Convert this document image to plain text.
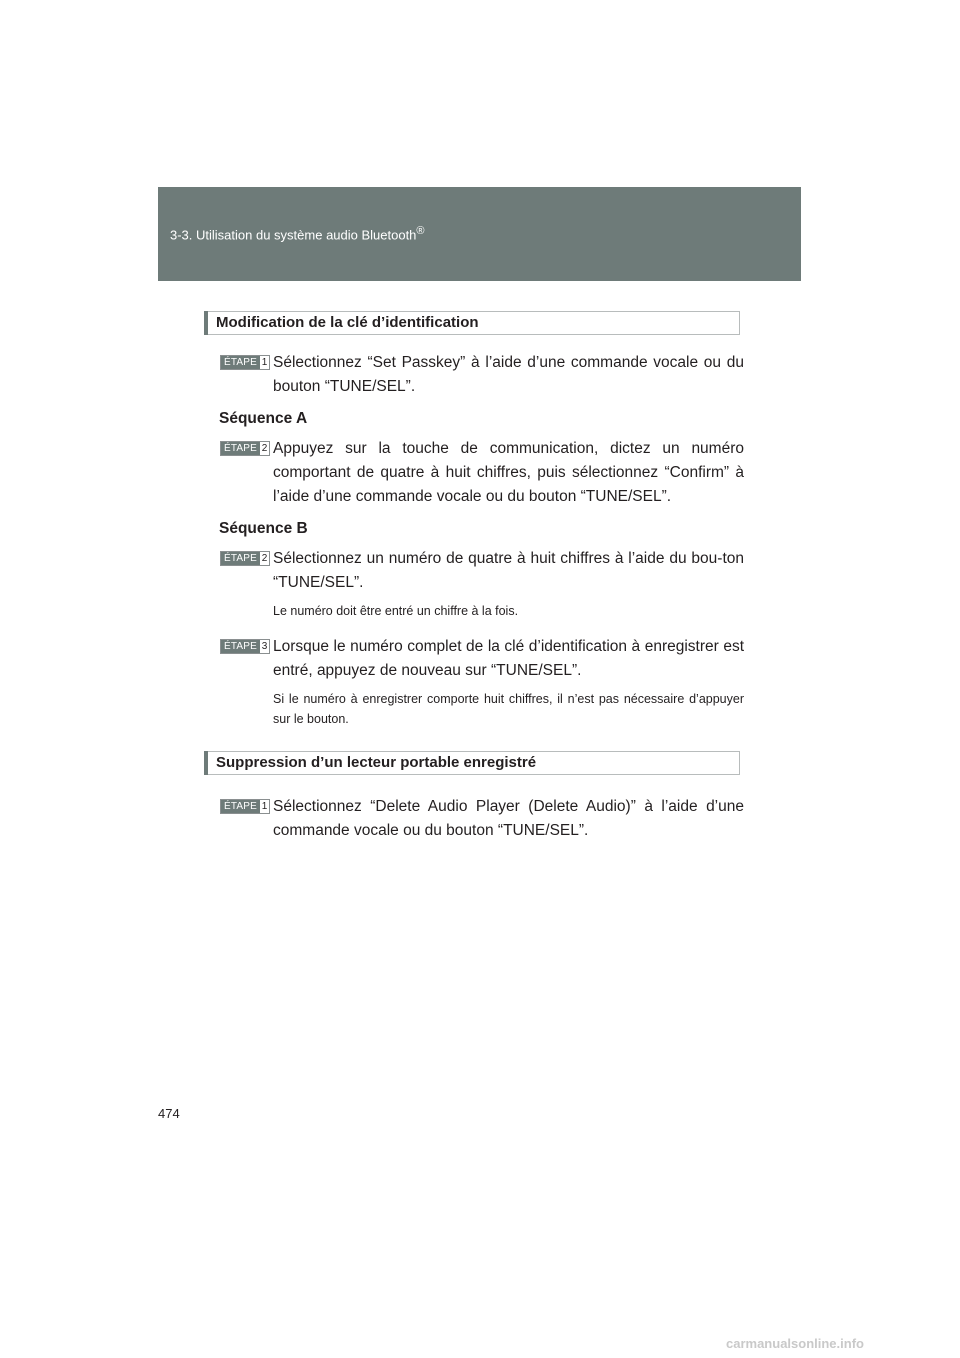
3-3. Utilisation du système audio Bluetooth®
Modification de la clé d’identification
ÉTAPE 1 Sélectionnez “Set Passkey” à l’aide d’une commande vocale ou du bouton “TUNE/SEL”.
Séquence A
ÉTAPE 2 Appuyez sur la touche de communication, dictez un numéro comportant de quatre à huit chiffres, puis sélectionnez “Confirm” à l’aide d’une commande vocale ou du bouton “TUNE/SEL”.
Séquence B
ÉTAPE 2 Sélectionnez un numéro de quatre à huit chiffres à l’aide du bou-ton “TUNE/SEL”.
Le numéro doit être entré un chiffre à la fois.
ÉTAPE 3 Lorsque le numéro complet de la clé d’identification à enregistrer est entré, appuyez de nouveau sur “TUNE/SEL”.
Si le numéro à enregistrer comporte huit chiffres, il n’est pas nécessaire d’appuyer sur le bouton.
Suppression d’un lecteur portable enregistré
ÉTAPE 1 Sélectionnez “Delete Audio Player (Delete Audio)” à l’aide d’une commande vocale ou du bouton “TUNE/SEL”.
474
carmanualsonline.info
